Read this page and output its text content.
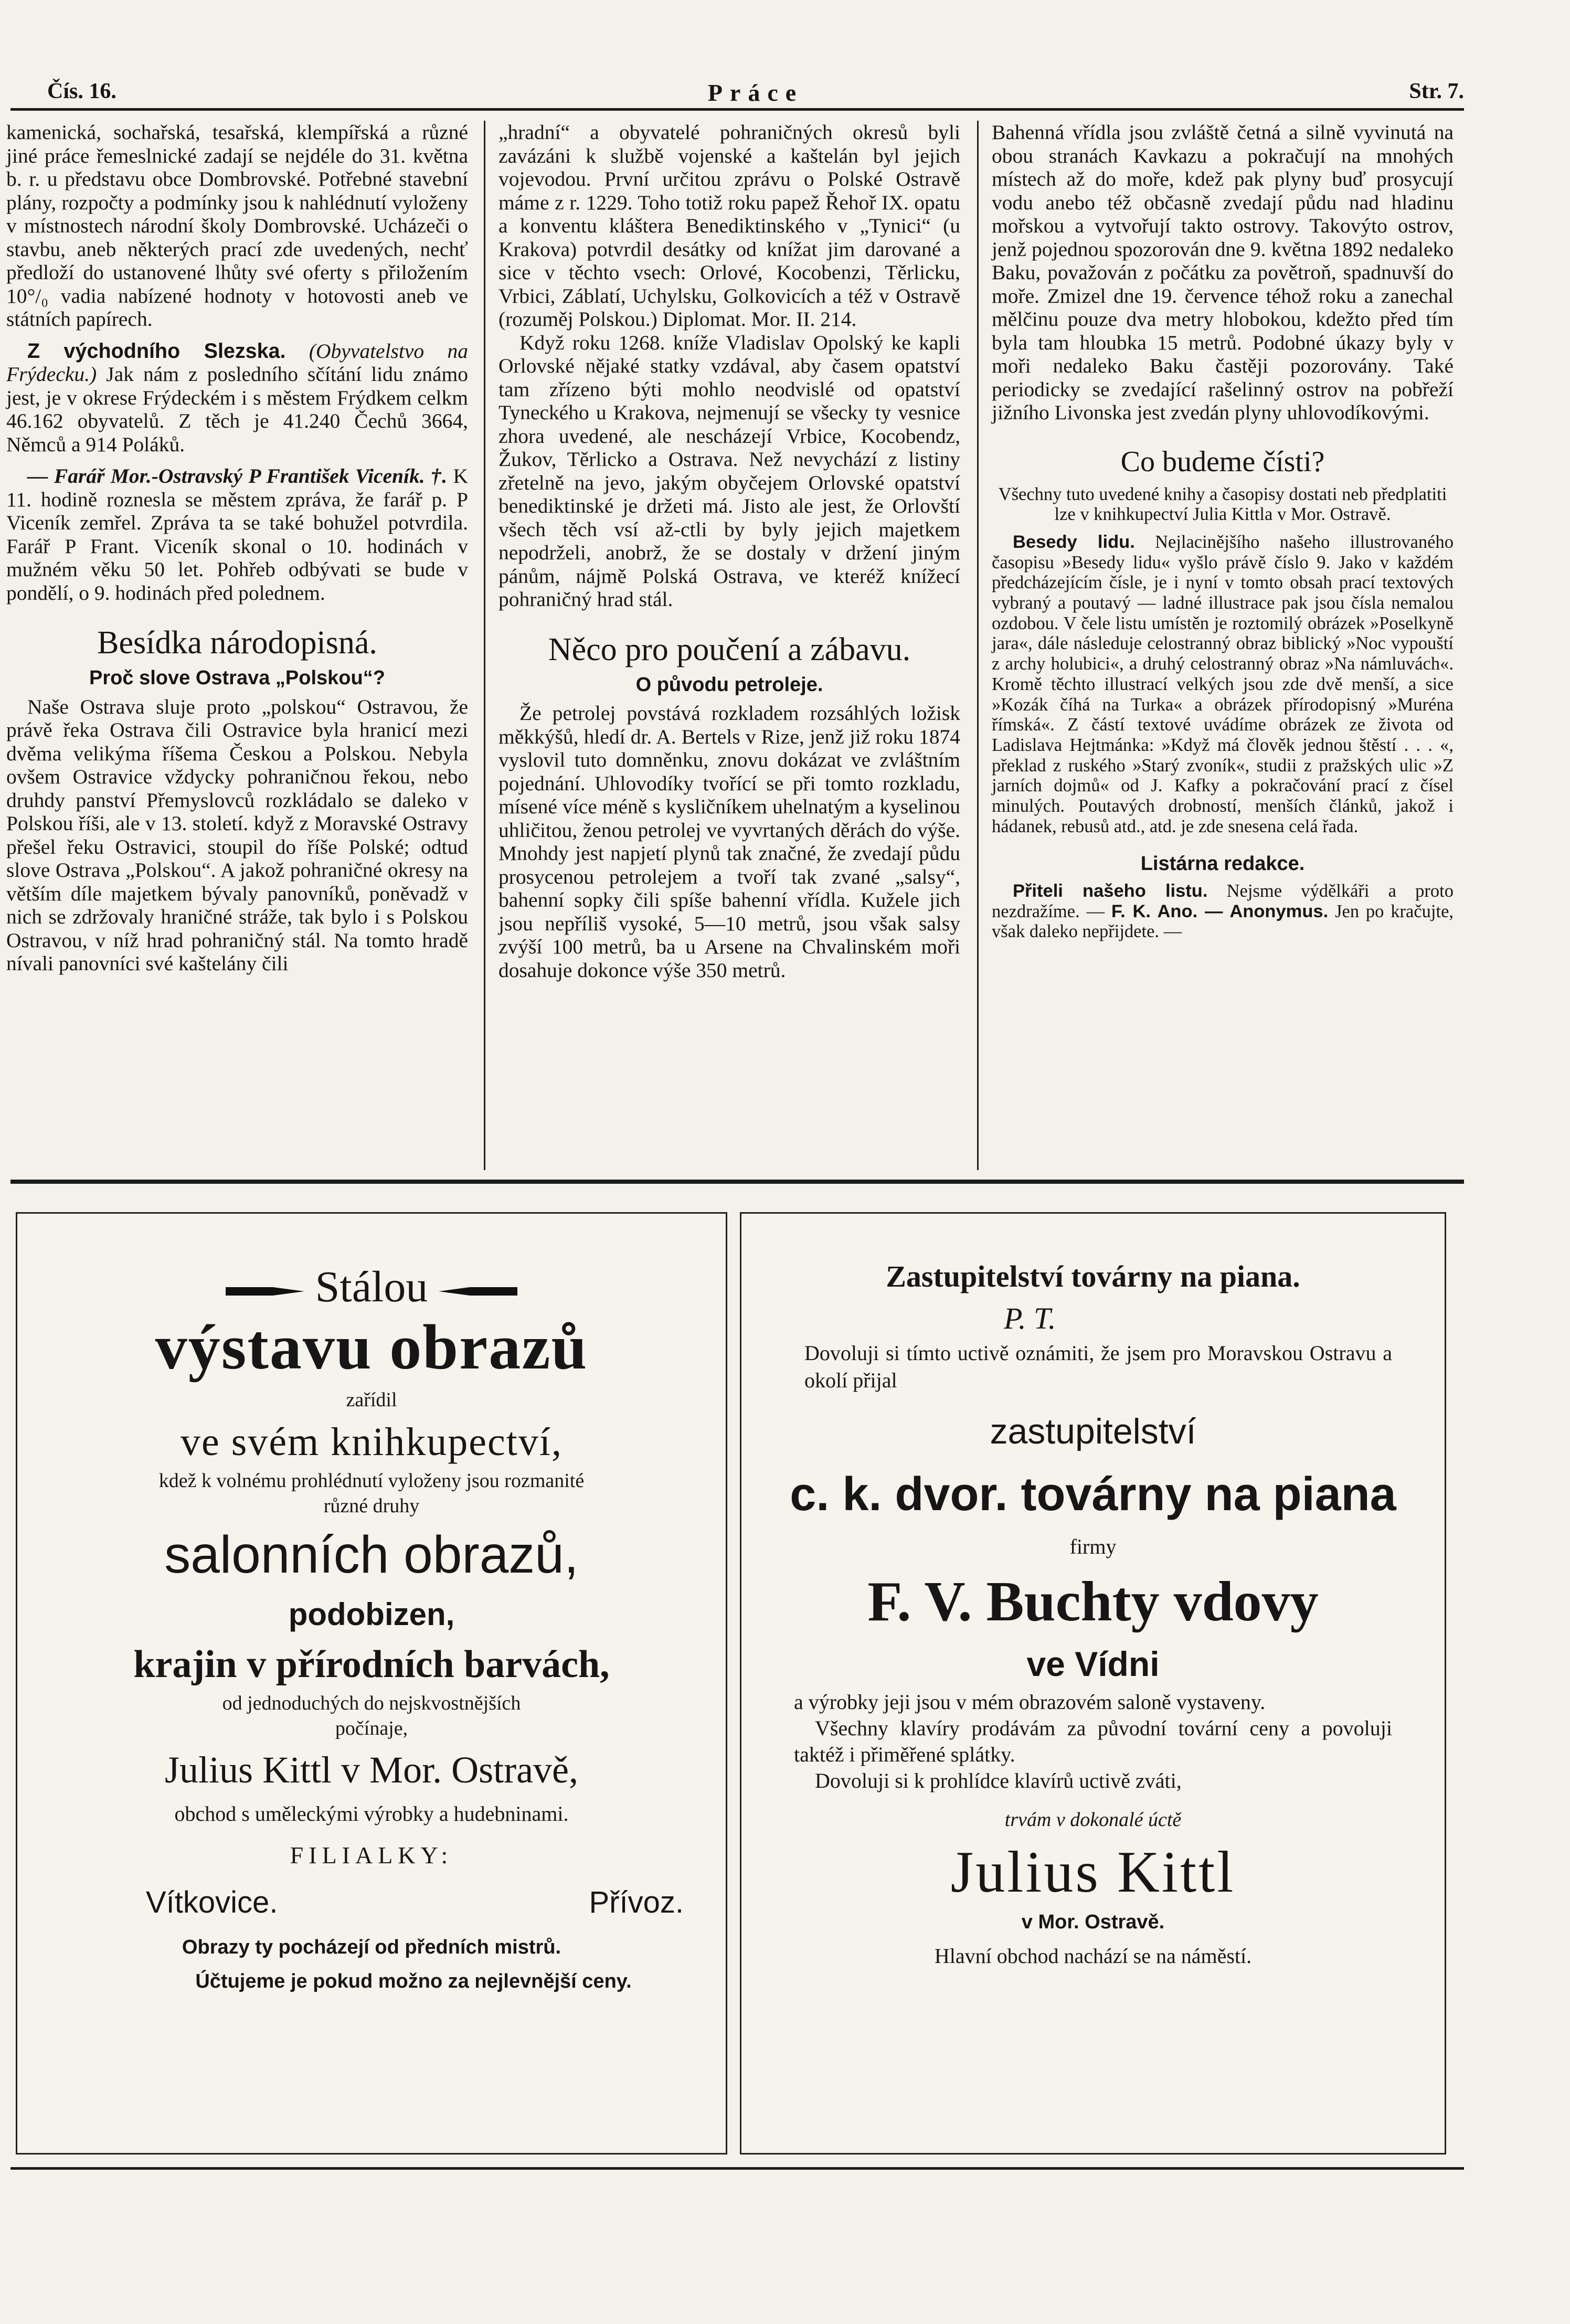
Čís. 16.	Práce	Str. 7.

kamenická, sochařská, tesařská, klempířská a různé jiné práce řemeslnické zadají se nejdéle do 31. května b. r. u představu obce Dombrovské. Potřebné stavební plány, rozpočty a podmínky jsou k nahlédnutí vyloženy v místnostech národní školy Dombrovské. Ucházeči o stavbu, aneb některých prací zde uvedených, nechť předloží do ustanovené lhůty své oferty s přiložením 10°/₀ vadia nabízené hodnoty v hotovosti aneb ve státních papírech.

Z východního Slezska. (Obyvatelstvo na Frýdecku.) Jak nám z posledního sčítání lidu známo jest, je v okrese Frýdeckém i s městem Frýdkem celkm 46.162 obyvatelů. Z těch je 41.240 Čechů 3664, Němců a 914 Poláků.

— Farář Mor.-Ostravský P František Viceník. †. K 11. hodině roznesla se městem zpráva, že farář p. P Viceník zemřel. Zpráva ta se také bohužel potvrdila. Farář P Frant. Viceník skonal o 10. hodinách v mužném věku 50 let. Pohřeb odbývati se bude v pondělí, o 9. hodinách před polednem.

Besídka národopisná.
Proč slove Ostrava „Polskou“?

Naše Ostrava sluje proto „polskou“ Ostravou, že právě řeka Ostrava čili Ostravice byla hranicí mezi dvěma velikýma říšema Českou a Polskou. Nebyla ovšem Ostravice vždycky pohraničnou řekou, nebo druhdy panství Přemyslovců rozkládalo se daleko v Polskou říši, ale v 13. století. když z Moravské Ostravy přešel řeku Ostravici, stoupil do říše Polské; odtud slove Ostrava „Polskou“. A jakož pohraničné okresy na větším díle majetkem bývaly panovníků, poněvadž v nich se zdržovaly hraničné stráže, tak bylo i s Polskou Ostravou, v níž hrad pohraničný stál. Na tomto hradě nívali panovníci své kaštelány čili

„hradní“ a obyvatelé pohraničných okresů byli zavázáni k službě vojenské a kaštelán byl jejich vojevodou. První určitou zprávu o Polské Ostravě máme z r. 1229. Toho totiž roku papež Řehoř IX. opatu a konventu kláštera Benediktinského v „Tynici“ (u Krakova) potvrdil desátky od knížat jim darované a sice v těchto vsech: Orlové, Kocobenzi, Těrlicku, Vrbici, Záblatí, Uchylsku, Golkovicích a též v Ostravě (rozuměj Polskou.) Diplomat. Mor. II. 214.

Když roku 1268. kníže Vladislav Opolský ke kapli Orlovské nějaké statky vzdával, aby časem opatství tam zřízeno býti mohlo neodvislé od opatství Tyneckého u Krakova, nejmenují se všecky ty vesnice zhora uvedené, ale nescházejí Vrbice, Kocobendz, Žukov, Těrlicko a Ostrava. Než nevychází z listiny zřetelně na jevo, jakým obyčejem Orlovské opatství benediktinské je držeti má. Jisto ale jest, že Orlovští všech těch vsí až-ctli by byly jejich majetkem nepodrželi, anobrž, že se dostaly v držení jiným pánům, nájmě Polská Ostrava, ve kteréž knížecí pohraničný hrad stál.

Něco pro poučení a zábavu.
O původu petroleje.

Že petrolej povstává rozkladem rozsáhlých ložisk měkkýšů, hledí dr. A. Bertels v Rize, jenž již roku 1874 vyslovil tuto domněnku, znovu dokázat ve zvláštním pojednání. Uhlovodíky tvořící se při tomto rozkladu, mísené více méně s kysličníkem uhelnatým a kyselinou uhličitou, ženou petrolej ve vyvrtaných děrách do výše. Mnohdy jest napjetí plynů tak značné, že zvedají půdu prosycenou petrolejem a tvoří tak zvané „salsy“, bahenní sopky čili spíše bahenní vřídla. Kužele jich jsou nepříliš vysoké, 5—10 metrů, jsou však salsy zvýší 100 metrů, ba u Arsene na Chvalinském moři dosahuje dokonce výše 350 metrů.

Bahenná vřídla jsou zvláště četná a silně vyvinutá na obou stranách Kavkazu a pokračují na mnohých místech až do moře, kdež pak plyny buď prosycují vodu anebo též občasně zvedají půdu nad hladinu mořskou a vytvořují takto ostrovy. Takovýto ostrov, jenž pojednou spozorován dne 9. května 1892 nedaleko Baku, považován z počátku za povětroň, spadnuvší do moře. Zmizel dne 19. července téhož roku a zanechal mělčinu pouze dva metry hlobokou, kdežto před tím byla tam hloubka 15 metrů. Podobné úkazy byly v moři nedaleko Baku častěji pozorovány. Také periodicky se zvedající rašelinný ostrov na pobřeží jižního Livonska jest zvedán plyny uhlovodíkovými.

Co budeme čísti?

Všechny tuto uvedené knihy a časopisy dostati neb předplatiti lze v knihkupectví Julia Kittla v Mor. Ostravě.

Besedy lidu. Nejlacinějšího našeho illustrovaného časopisu »Besedy lidu« vyšlo právě číslo 9. Jako v každém předcházejícím čísle, je i nyní v tomto obsah prací textových vybraný a poutavý — ladné illustrace pak jsou čísla nemalou ozdobou. V čele listu umístěn je roztomilý obrázek »Poselkyně jara«, dále následuje celostranný obraz biblický »Noc vypouští z archy holubici«, a druhý celostranný obraz »Na námluvách«. Kromě těchto illustrací velkých jsou zde dvě menší, a sice »Kozák číhá na Turka« a obrázek přírodopisný »Muréna římská«. Z částí textové uvádíme obrázek ze života od Ladislava Hejtmánka: »Když má člověk jednou štěstí . . . «, překlad z ruského »Starý zvoník«, studii z pražských ulic »Z jarních dojmů« od J. Kafky a pokračování prací z čísel minulých. Poutavých drobností, menších článků, jakož i hádanek, rebusů atd., atd. je zde snesena celá řada.

Listárna redakce.

Přiteli našeho listu. Nejsme výdělkáři a proto nezdražíme. — F. K. Ano. — Anonymus. Jen po kračujte, však daleko nepřijdete. —

Stálou
výstavu obrazů
zařídil
ve svém knihkupectví,
kdež k volnému prohlédnutí vyloženy jsou rozmanité
různé druhy
salonních obrazů,
podobizen,
krajin v přírodních barvách,
od jednoduchých do nejskvostnějších
počínaje,
Julius Kittl v Mor. Ostravě,
obchod s uměleckými výrobky a hudebninami.
FILIALKY:
Vítkovice.	Přívoz.
Obrazy ty pocházejí od předních mistrů.
Účtujeme je pokud možno za nejlevnější ceny.
Zastupitelství továrny na piana.
P. T.
Dovoluji si tímto uctivě oznámiti, že jsem pro Moravskou Ostravu a okolí přijal
zastupitelství
c. k. dvor. továrny na piana
firmy
F. V. Buchty vdovy
ve Vídni
a výrobky jeji jsou v mém obrazovém saloně vystaveny.
Všechny klavíry prodávám za původní tovární ceny a povoluji taktéž i přiměřené splátky.
Dovoluji si k prohlídce klavírů uctivě zváti,
trvám v dokonalé úctě
Julius Kittl
v Mor. Ostravě.
Hlavní obchod nachází se na náměstí.
